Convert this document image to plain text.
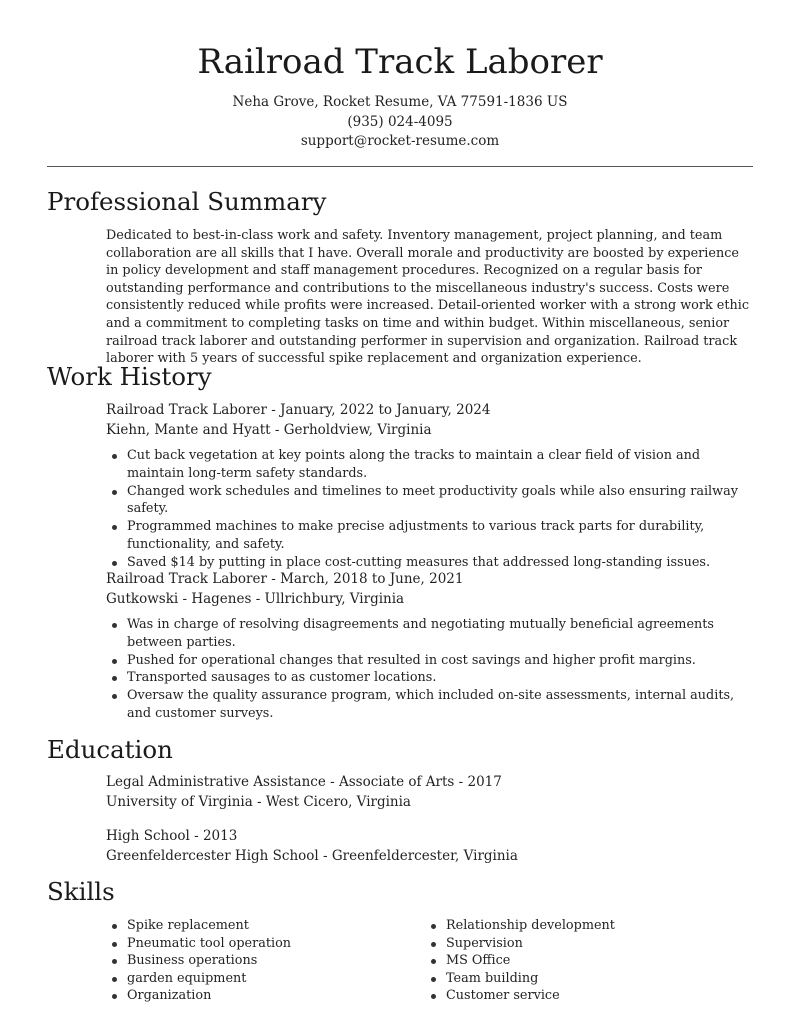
Railroad Track Laborer
Neha Grove, Rocket Resume, VA 77591-1836 US
(935) 024-4095
support@rocket-resume.com
Professional Summary
Dedicated to best-in-class work and safety. Inventory management, project planning, and team collaboration are all skills that I have. Overall morale and productivity are boosted by experience in policy development and staff management procedures. Recognized on a regular basis for outstanding performance and contributions to the miscellaneous industry's success. Costs were consistently reduced while profits were increased. Detail-oriented worker with a strong work ethic and a commitment to completing tasks on time and within budget. Within miscellaneous, senior railroad track laborer and outstanding performer in supervision and organization. Railroad track laborer with 5 years of successful spike replacement and organization experience.
Work History
Railroad Track Laborer - January, 2022 to January, 2024
Kiehn, Mante and Hyatt - Gerholdview, Virginia
Cut back vegetation at key points along the tracks to maintain a clear field of vision and maintain long-term safety standards.
Changed work schedules and timelines to meet productivity goals while also ensuring railway safety.
Programmed machines to make precise adjustments to various track parts for durability, functionality, and safety.
Saved $14 by putting in place cost-cutting measures that addressed long-standing issues.
Railroad Track Laborer - March, 2018 to June, 2021
Gutkowski - Hagenes - Ullrichbury, Virginia
Was in charge of resolving disagreements and negotiating mutually beneficial agreements between parties.
Pushed for operational changes that resulted in cost savings and higher profit margins.
Transported sausages to as customer locations.
Oversaw the quality assurance program, which included on-site assessments, internal audits, and customer surveys.
Education
Legal Administrative Assistance - Associate of Arts - 2017
University of Virginia - West Cicero, Virginia
High School - 2013
Greenfeldercester High School - Greenfeldercester, Virginia
Skills
Spike replacement
Pneumatic tool operation
Business operations
garden equipment
Organization
Relationship development
Supervision
MS Office
Team building
Customer service
